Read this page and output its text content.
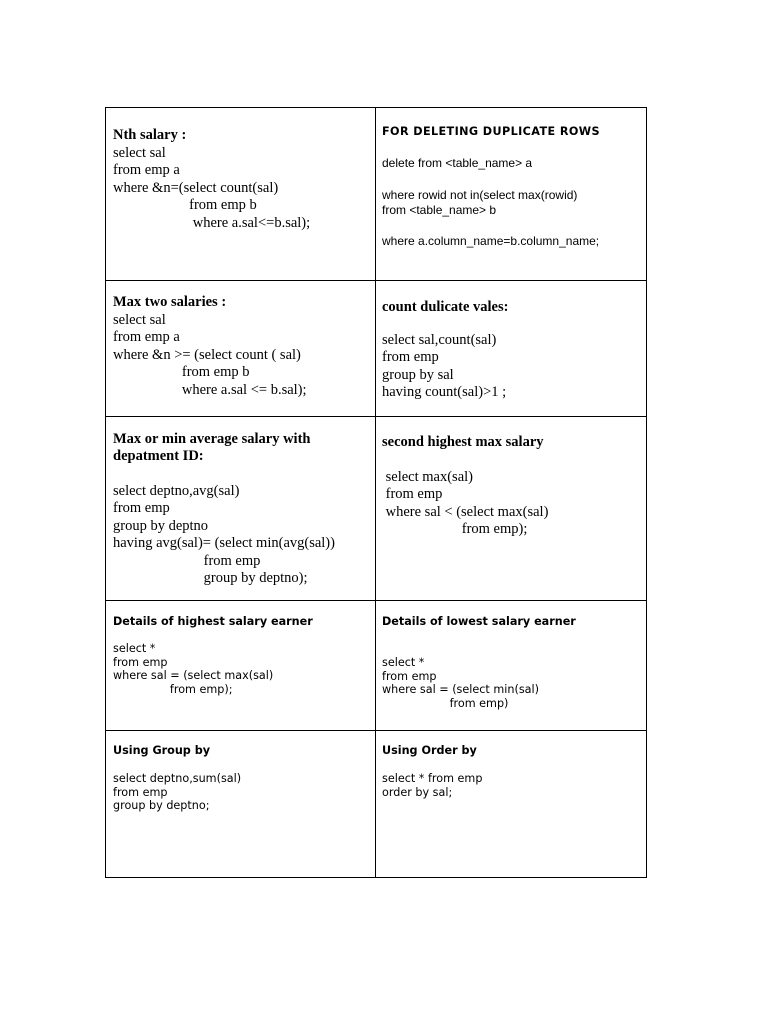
Nth salary :
select sal
from emp a
where &n=(select count(sal)
from emp b
where a.sal<=b.sal);
FOR DELETING DUPLICATE ROWS
delete from <table_name> a
where rowid not in(select max(rowid)
from <table_name> b
where a.column_name=b.column_name;
Max two salaries :
select sal
from emp a
where &n >= (select count ( sal)
from emp b
where a.sal <= b.sal);
count dulicate vales:
select sal,count(sal)
from emp
group by sal
having count(sal)>1 ;
Max or min average salary with
depatment ID:
select deptno,avg(sal)
from emp
group by deptno
having avg(sal)= (select min(avg(sal))
from emp
group by deptno);
second highest max salary
select max(sal)
from emp
where sal < (select max(sal)
from emp);
Details of highest salary earner
select *
from emp
where sal = (select max(sal)
from emp);
Details of lowest salary earner
select *
from emp
where sal = (select min(sal)
from emp)
Using Group by
select deptno,sum(sal)
from emp
group by deptno;
Using Order by
select * from emp
order by sal;
